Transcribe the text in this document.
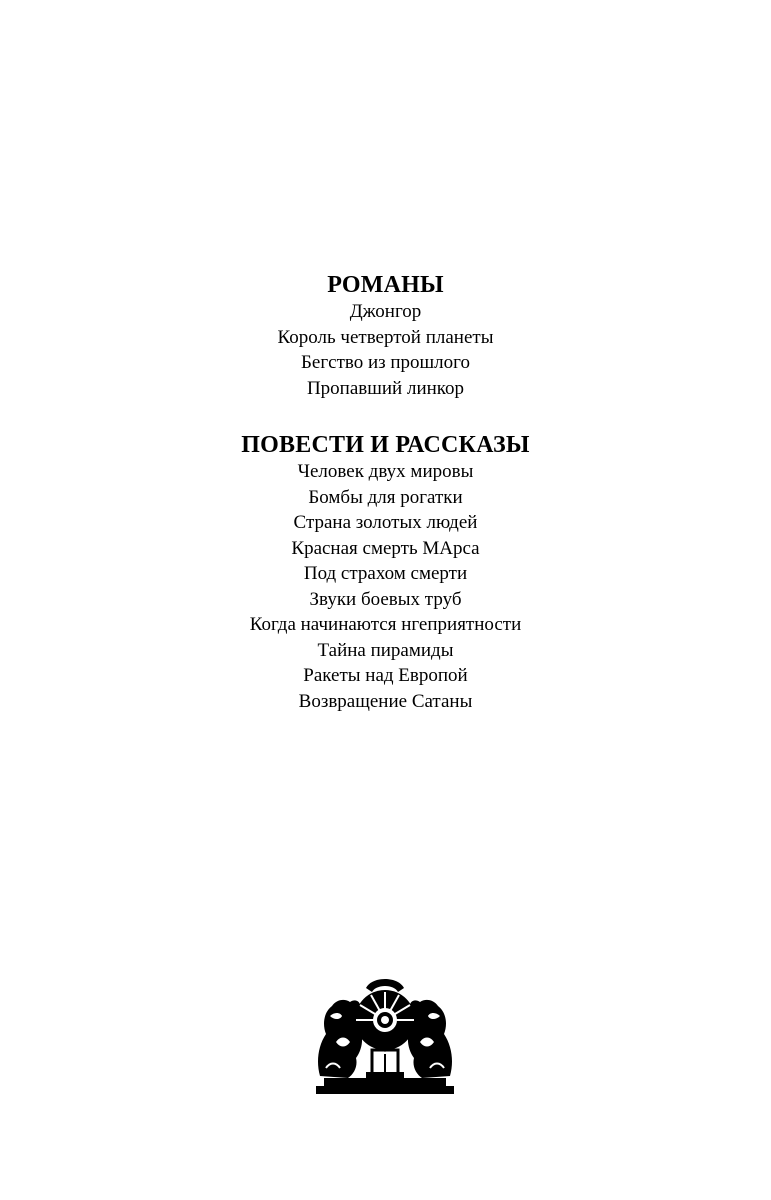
РОМАНЫ
Джонгор
Король четвертой планеты
Бегство из прошлого
Пропавший линкор
ПОВЕСТИ И РАССКАЗЫ
Человек двух мировы
Бомбы для рогатки
Страна золотых людей
Красная смерть МАрса
Под страхом смерти
Звуки боевых труб
Когда начинаются нгеприятности
Тайна пирамиды
Ракеты над Европой
Возвращение Сатаны
